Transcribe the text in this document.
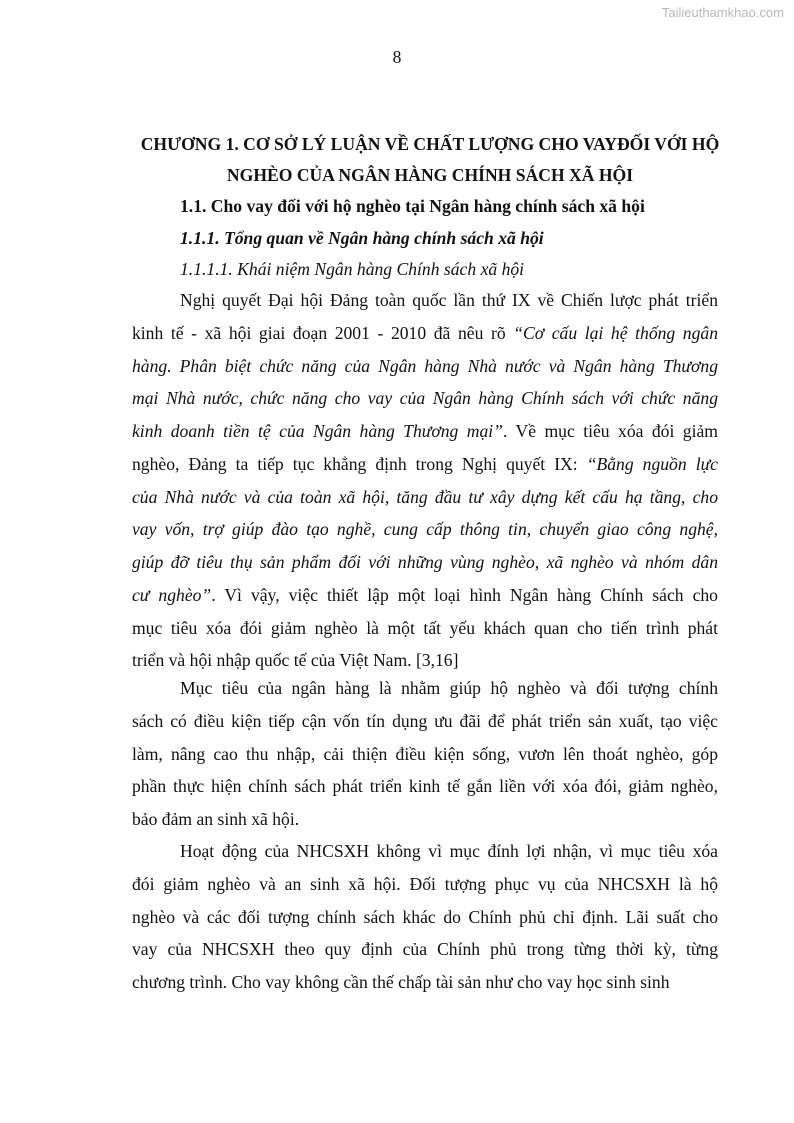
Tailieuthamkhao.com
8
CHƯƠNG 1. CƠ SỞ LÝ LUẬN VỀ CHẤT LƯỢNG CHO VAYĐỐI VỚI HỘ
NGHÈO CỦA NGÂN HÀNG CHÍNH SÁCH XÃ HỘI
1.1. Cho vay đối với hộ nghèo tại Ngân hàng chính sách xã hội
1.1.1. Tổng quan về Ngân hàng chính sách xã hội
1.1.1.1. Khái niệm Ngân hàng Chính sách xã hội
Nghị quyết Đại hội Đảng toàn quốc lần thứ IX về Chiến lược phát triển
kinh tế - xã hội giai đoạn 2001 - 2010 đã nêu rõ “Cơ cấu lại hệ thống ngân
hàng. Phân biệt chức năng của Ngân hàng Nhà nước và Ngân hàng Thương
mại Nhà nước, chức năng cho vay của Ngân hàng Chính sách với chức năng
kinh doanh tiền tệ của Ngân hàng Thương mại”. Về mục tiêu xóa đói giảm
nghèo, Đảng ta tiếp tục khẳng định trong Nghị quyết IX: “Bằng nguồn lực
của Nhà nước và của toàn xã hội, tăng đầu tư xây dựng kết cấu hạ tầng, cho
vay vốn, trợ giúp đào tạo nghề, cung cấp thông tin, chuyển giao công nghệ,
giúp đỡ tiêu thụ sản phẩm đối với những vùng nghèo, xã nghèo và nhóm dân
cư nghèo”. Vì vậy, việc thiết lập một loại hình Ngân hàng Chính sách cho
mục tiêu xóa đói giảm nghèo là một tất yếu khách quan cho tiến trình phát
triển và hội nhập quốc tế của Việt Nam. [3,16]
Mục tiêu của ngân hàng là nhằm giúp hộ nghèo và đối tượng chính
sách có điều kiện tiếp cận vốn tín dụng ưu đãi để phát triển sản xuất, tạo việc
làm, nâng cao thu nhập, cải thiện điều kiện sống, vươn lên thoát nghèo, góp
phần thực hiện chính sách phát triển kinh tế gắn liền với xóa đói, giảm nghèo,
bảo đảm an sinh xã hội.
Hoạt động của NHCSXH không vì mục đính lợi nhận, vì mục tiêu xóa
đói giảm nghèo và an sinh xã hội. Đối tượng phục vụ của NHCSXH là hộ
nghèo và các đối tượng chính sách khác do Chính phủ chỉ định. Lãi suất cho
vay của NHCSXH theo quy định của Chính phủ trong từng thời kỳ, từng
chương trình. Cho vay không cần thế chấp tài sản như cho vay học sinh sinh
